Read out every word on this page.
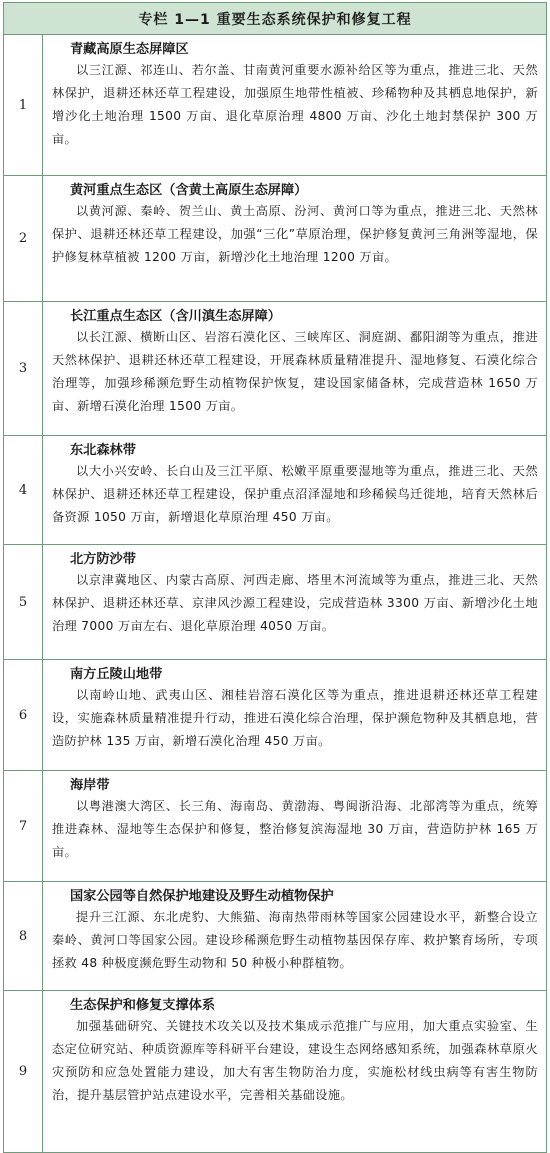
专栏 1—1 重要生态系统保护和修复工程	
1	青藏高原生态屏障区
以三江源、祁连山、若尔盖、甘南黄河重要水源补给区等为重点，推进三北、天然林保护，退耕还林还草工程建设，加强原生地带性植被、珍稀物种及其栖息地保护，新增沙化土地治理 1500 万亩、退化草原治理 4800 万亩、沙化土地封禁保护 300 万亩。

2	黄河重点生态区（含黄土高原生态屏障）
以黄河源、秦岭、贺兰山、黄土高原、汾河、黄河口等为重点，推进三北、天然林保护、退耕还林还草工程建设，加强“三化”草原治理，保护修复黄河三角洲等湿地，保护修复林草植被 1200 万亩，新增沙化土地治理 1200 万亩。

3	长江重点生态区（含川滇生态屏障）
以长江源、横断山区、岩溶石漠化区、三峡库区、洞庭湖、鄱阳湖等为重点，推进天然林保护、退耕还林还草工程建设，开展森林质量精准提升、湿地修复、石漠化综合治理等，加强珍稀濒危野生动植物保护恢复，建设国家储备林，完成营造林 1650 万亩、新增石漠化治理 1500 万亩。

4	东北森林带
以大小兴安岭、长白山及三江平原、松嫩平原重要湿地等为重点，推进三北、天然林保护、退耕还林还草工程建设，保护重点沼泽湿地和珍稀候鸟迁徙地，培育天然林后备资源 1050 万亩，新增退化草原治理 450 万亩。

5	北方防沙带
以京津冀地区、内蒙古高原、河西走廊、塔里木河流域等为重点，推进三北、天然林保护、退耕还林还草、京津风沙源工程建设，完成营造林 3300 万亩、新增沙化土地治理 7000 万亩左右、退化草原治理 4050 万亩。

6	南方丘陵山地带
以南岭山地、武夷山区、湘桂岩溶石漠化区等为重点，推进退耕还林还草工程建设，实施森林质量精准提升行动，推进石漠化综合治理，保护濒危物种及其栖息地，营造防护林 135 万亩，新增石漠化治理 450 万亩。

7	海岸带
以粤港澳大湾区、长三角、海南岛、黄渤海、粤闽浙沿海、北部湾等为重点，统筹推进森林、湿地等生态保护和修复，整治修复滨海湿地 30 万亩，营造防护林 165 万亩。

8	国家公园等自然保护地建设及野生动植物保护
提升三江源、东北虎豹、大熊猫、海南热带雨林等国家公园建设水平，新整合设立秦岭、黄河口等国家公园。建设珍稀濒危野生动植物基因保存库、救护繁育场所，专项拯救 48 种极度濒危野生动物和 50 种极小种群植物。

9	生态保护和修复支撑体系
加强基础研究、关键技术攻关以及技术集成示范推广与应用，加大重点实验室、生态定位研究站、种质资源库等科研平台建设，建设生态网络感知系统，加强森林草原火灾预防和应急处置能力建设，加大有害生物防治力度，实施松材线虫病等有害生物防治，提升基层管护站点建设水平，完善相关基础设施。
